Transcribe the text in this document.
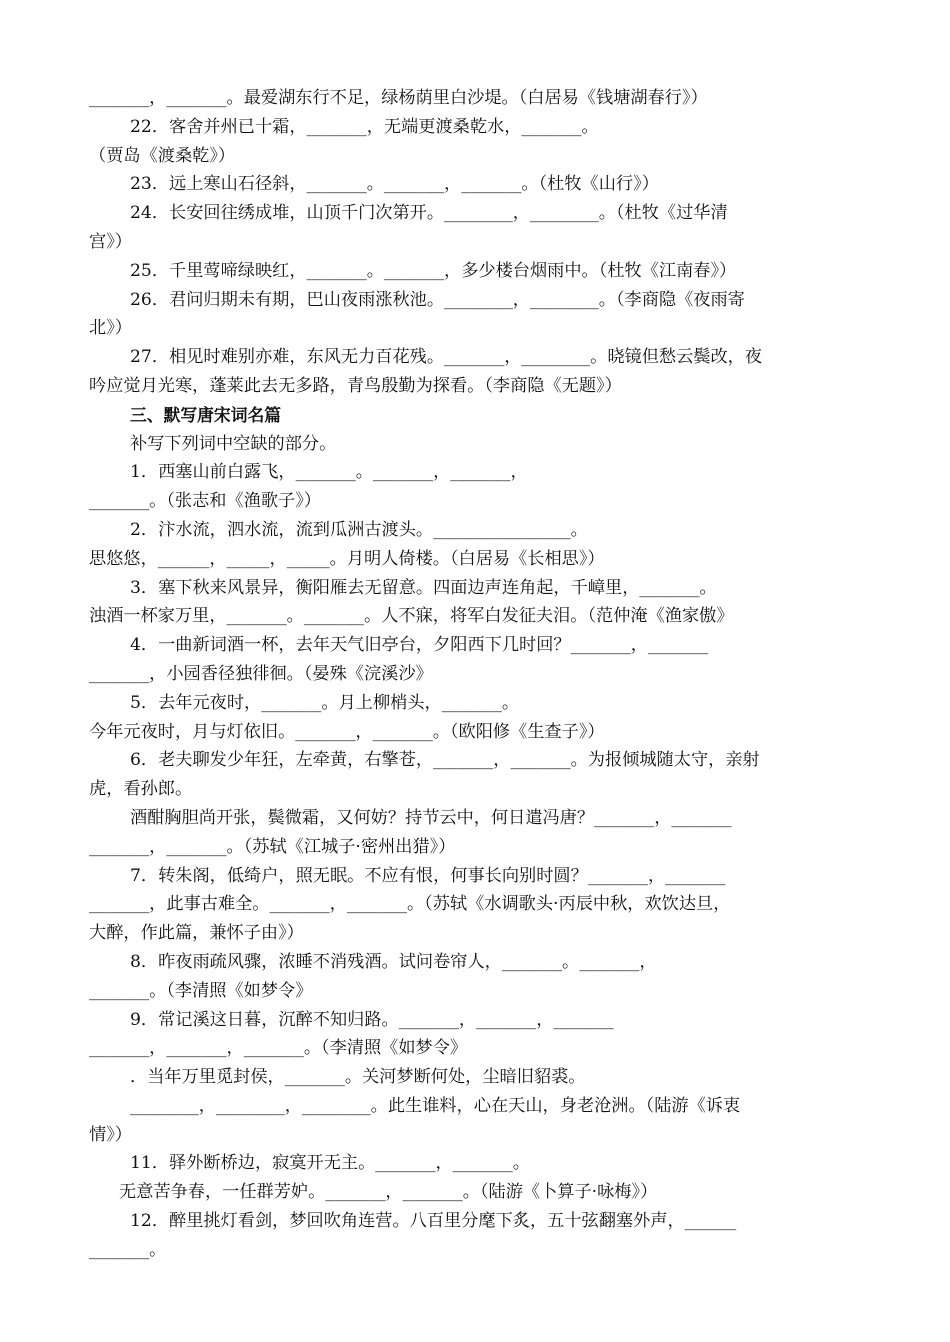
_______，_______。最爱湖东行不足，绿杨荫里白沙堤。（白居易《钱塘湖春行》）
22．客舍并州已十霜，_______，无端更渡桑乾水，_______。
（贾岛《渡桑乾》）
23．远上寒山石径斜，_______。_______，_______。（杜牧《山行》）
24．长安回往绣成堆，山顶千门次第开。________，________。（杜牧《过华清
宫》）
25．千里莺啼绿映红，_______。_______，多少楼台烟雨中。（杜牧《江南春》）
26．君问归期未有期，巴山夜雨涨秋池。________，________。（李商隐《夜雨寄
北》）
27．相见时难别亦难，东风无力百花残。_______，________。晓镜但愁云鬓改，夜
吟应觉月光寒，蓬莱此去无多路，青鸟殷勤为探看。（李商隐《无题》）
三、默写唐宋词名篇
补写下列词中空缺的部分。
1．西塞山前白露飞，_______。_______，_______，
_______。（张志和《渔歌子》）
2．汴水流，泗水流，流到瓜洲古渡头。________________。
思悠悠，______，_____，_____。月明人倚楼。（白居易《长相思》）
3．塞下秋来风景异，衡阳雁去无留意。四面边声连角起，千嶂里，_______。
浊酒一杯家万里，_______。_______。人不寐，将军白发征夫泪。（范仲淹《渔家傲》
4．一曲新词酒一杯，去年天气旧亭台，夕阳西下几时回？_______，_______
_______，小园香径独徘徊。（晏殊《浣溪沙》
5．去年元夜时，_______。月上柳梢头，_______。
今年元夜时，月与灯依旧。_______，_______。（欧阳修《生查子》）
6．老夫聊发少年狂，左牵黄，右擎苍，_______，_______。为报倾城随太守，亲射
虎，看孙郎。
酒酣胸胆尚开张，鬓微霜，又何妨？持节云中，何日遣冯唐？_______，_______
_______，_______。（苏轼《江城子·密州出猎》）
7．转朱阁，低绮户，照无眠。不应有恨，何事长向别时圆？_______，_______
_______，此事古难全。_______，_______。（苏轼《水调歌头·丙辰中秋，欢饮达旦，
大醉，作此篇，兼怀子由》）
8．昨夜雨疏风骤，浓睡不消残酒。试问卷帘人，_______。_______，
_______。（李清照《如梦令》
9．常记溪这日暮，沉醉不知归路。_______，_______，_______
_______，_______，_______。（李清照《如梦令》
．当年万里觅封侯，_______。关河梦断何处，尘暗旧貂裘。
________，________，________。此生谁料，心在天山，身老沧洲。（陆游《诉衷
情》）
11．驿外断桥边，寂寞开无主。_______，_______。
无意苦争春，一任群芳妒。_______，_______。（陆游《卜算子·咏梅》）
12．醉里挑灯看剑，梦回吹角连营。八百里分麾下炙，五十弦翻塞外声，______
_______。
